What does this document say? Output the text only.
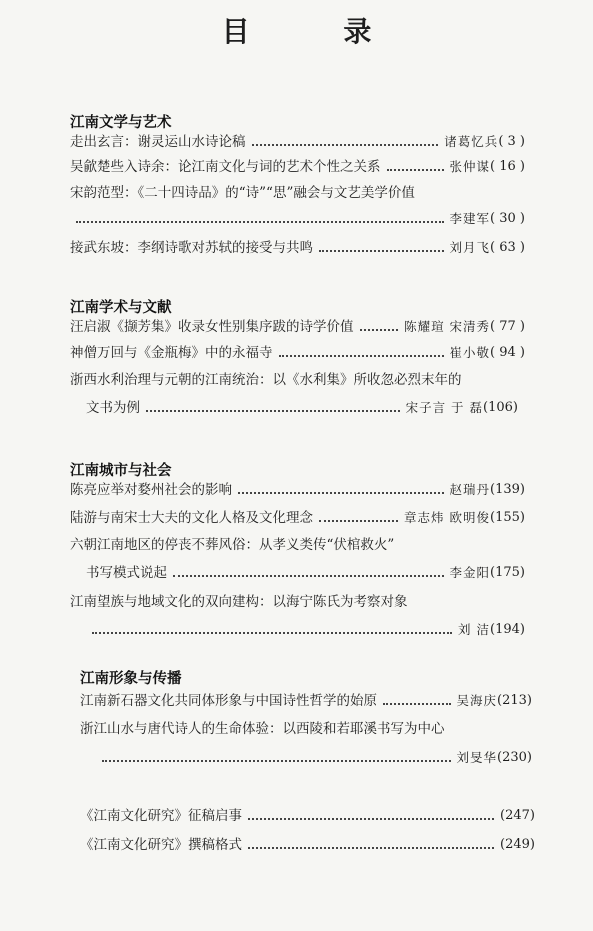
目 录
江南文学与艺术
走出玄言：谢灵运山水诗论稿	诸葛忆兵 ( 3 )
吴歈楚些入诗余：论江南文化与词的艺术个性之关系	张仲谋 ( 16 )
宋韵范型：《二十四诗品》的“诗”“思”融会与文艺美学价值
李建军 ( 30 )
接武东坡：李纲诗歌对苏轼的接受与共鸣	刘月飞 ( 63 )
江南学术与文献
汪启淑《撷芳集》收录女性别集序跋的诗学价值	陈耀瑄 宋清秀 ( 77 )
神僧万回与《金瓶梅》中的永福寺	崔小敬 ( 94 )
浙西水利治理与元朝的江南统治：以《水利集》所收忽必烈末年的
文书为例	宋子言 于 磊 (106)
江南城市与社会
陈亮应举对婺州社会的影响	赵瑞丹 (139)
陆游与南宋士大夫的文化人格及文化理念	章志炜 欧明俊 (155)
六朝江南地区的停丧不葬风俗：从孝义类传“伏棺救火”
书写模式说起	李金阳 (175)
江南望族与地域文化的双向建构：以海宁陈氏为考察对象
刘 洁 (194)
江南形象与传播
江南新石器文化共同体形象与中国诗性哲学的始原	吴海庆 (213)
浙江山水与唐代诗人的生命体验：以西陵和若耶溪书写为中心
刘旻华 (230)
《江南文化研究》征稿启事	(247)
《江南文化研究》撰稿格式	(249)
